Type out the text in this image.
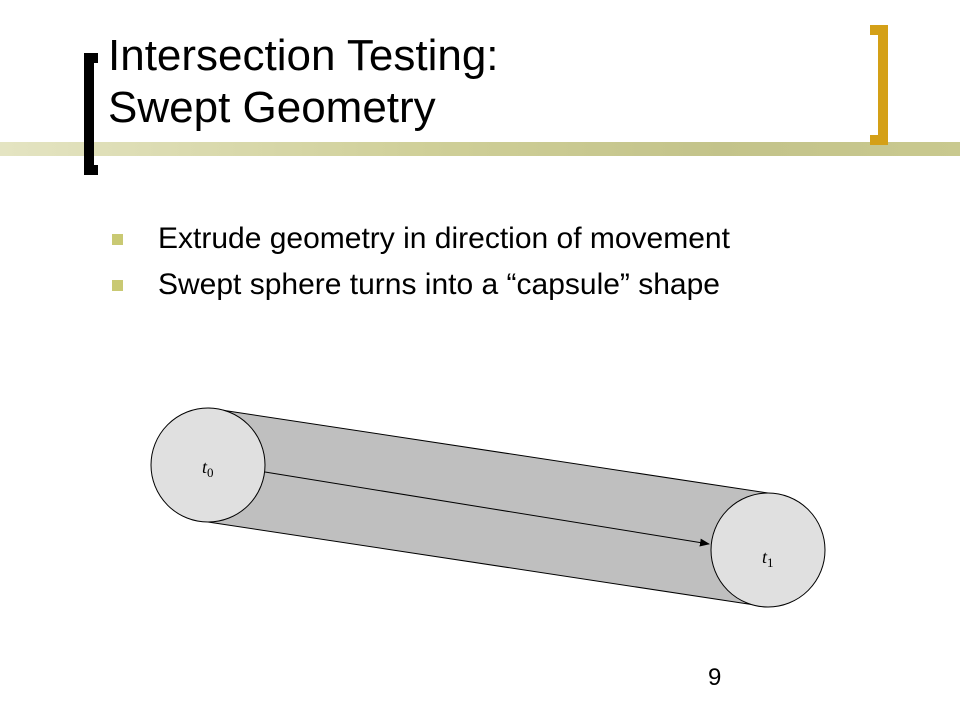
Intersection Testing:
Swept Geometry
Extrude geometry in direction of movement
Swept sphere turns into a “capsule” shape
$t_0$
$t_1$
9
